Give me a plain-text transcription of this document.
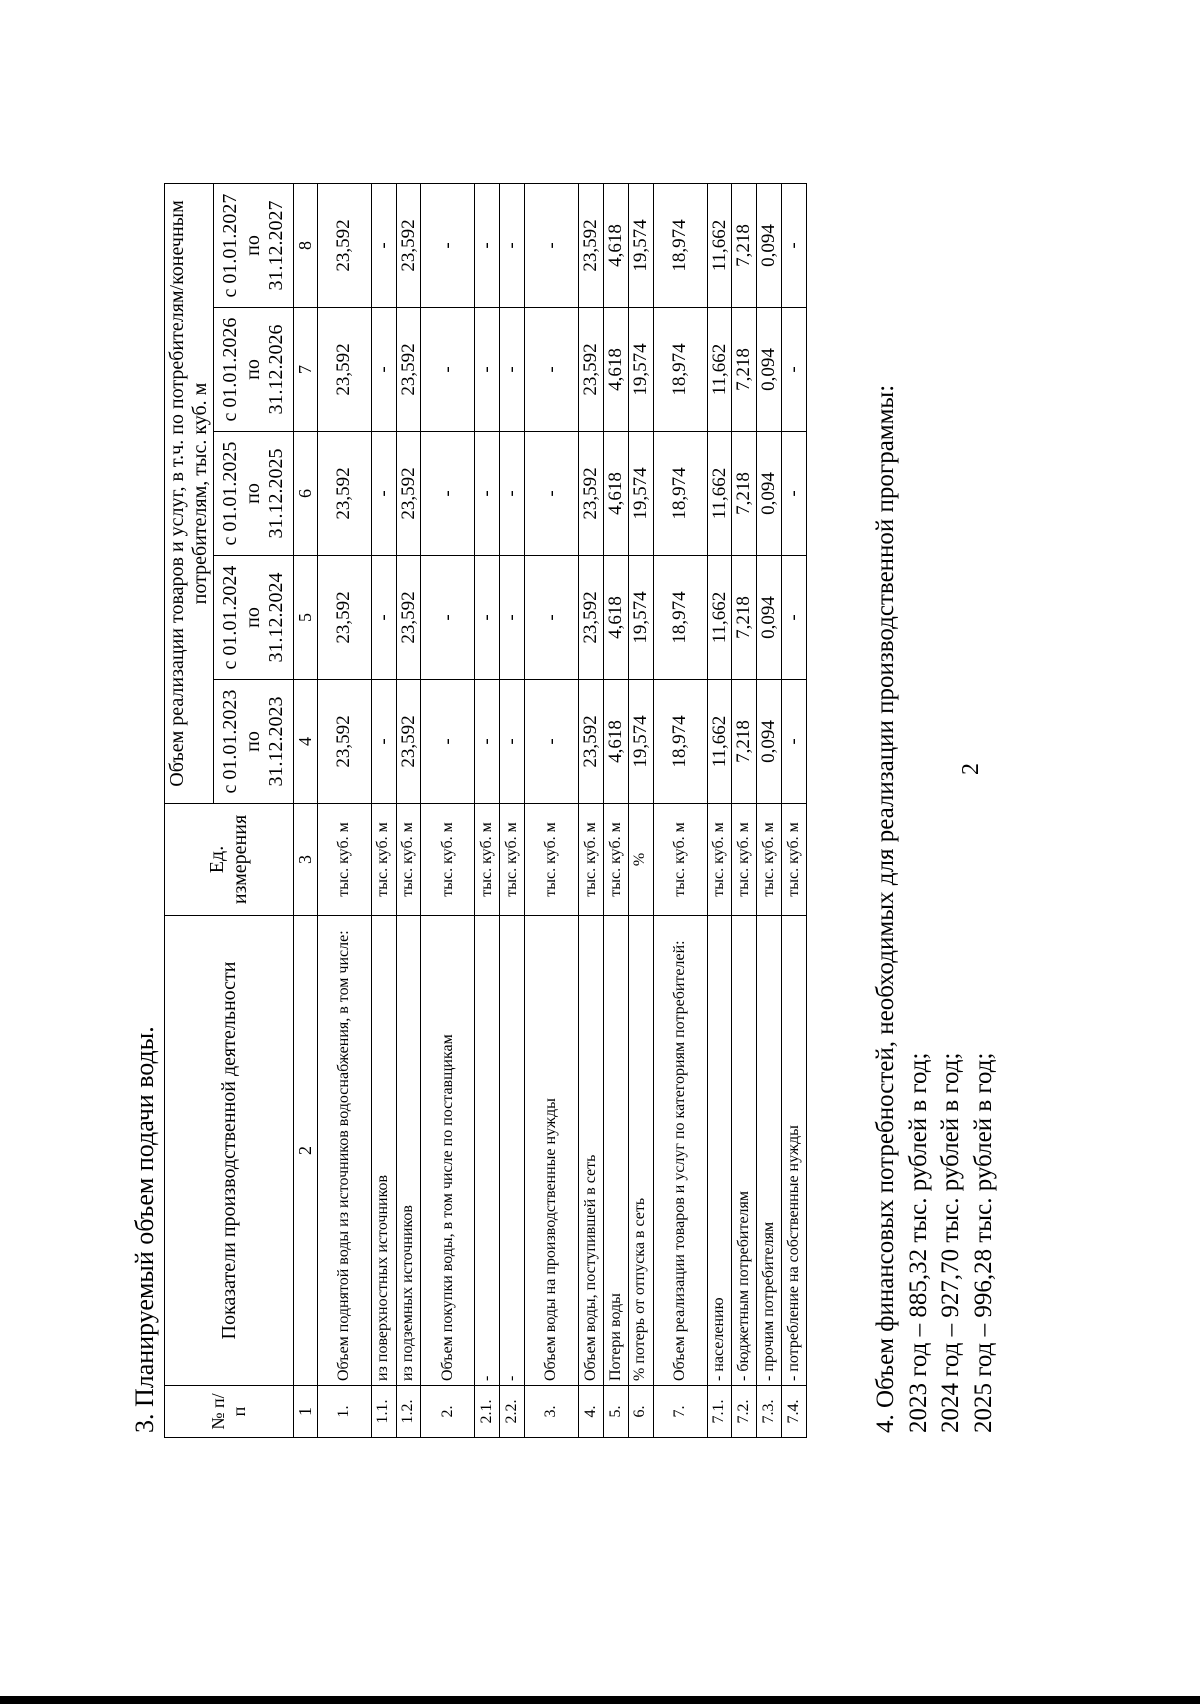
2
3. Планируемый объем подачи воды.	№ п/п	Показатели производственной деятельности	Ед. измерения	Объем реализации товаров и услуг, в т.ч. по потребителям/конечным потребителям, тыс. куб. м				
			с 01.01.2023 по 31.12.2023	с 01.01.2024 по 31.12.2024	с 01.01.2025 по 31.12.2025	с 01.01.2026 по 31.12.2026	с 01.01.2027 по 31.12.2027
1	2	3	4	5	6	7	8
1.	Объем поднятой воды из источников водоснабжения, в том числе:	тыс. куб. м	23,592	23,592	23,592	23,592	23,592
1.1.	из поверхностных источников	тыс. куб. м	-	-	-	-	-
1.2.	из подземных источников	тыс. куб. м	23,592	23,592	23,592	23,592	23,592
2.	Объем покупки воды, в том числе по поставщикам	тыс. куб. м	-	-	-	-	-
2.1.	-	тыс. куб. м	-	-	-	-	-
2.2.	-	тыс. куб. м	-	-	-	-	-
3.	Объем воды на производственные нужды	тыс. куб. м	-	-	-	-	-
4.	Объем воды, поступившей в сеть	тыс. куб. м	23,592	23,592	23,592	23,592	23,592
5.	Потери воды	тыс. куб. м	4,618	4,618	4,618	4,618	4,618
6.	% потерь от отпуска в сеть	%	19,574	19,574	19,574	19,574	19,574
7.	Объем реализации товаров и услуг по категориям потребителей:	тыс. куб. м	18,974	18,974	18,974	18,974	18,974
7.1.	- населению	тыс. куб. м	11,662	11,662	11,662	11,662	11,662
7.2.	- бюджетным потребителям	тыс. куб. м	7,218	7,218	7,218	7,218	7,218
7.3.	- прочим потребителям	тыс. куб. м	0,094	0,094	0,094	0,094	0,094
7.4.	- потребление на собственные нужды	тыс. куб. м	-	-	-	-	-
4. Объем финансовых потребностей, необходимых для реализации производственной программы: 2023 год – 885,32 тыс. рублей в год; 2024 год – 927,70 тыс. рублей в год; 2025 год – 996,28 тыс. рублей в год;
